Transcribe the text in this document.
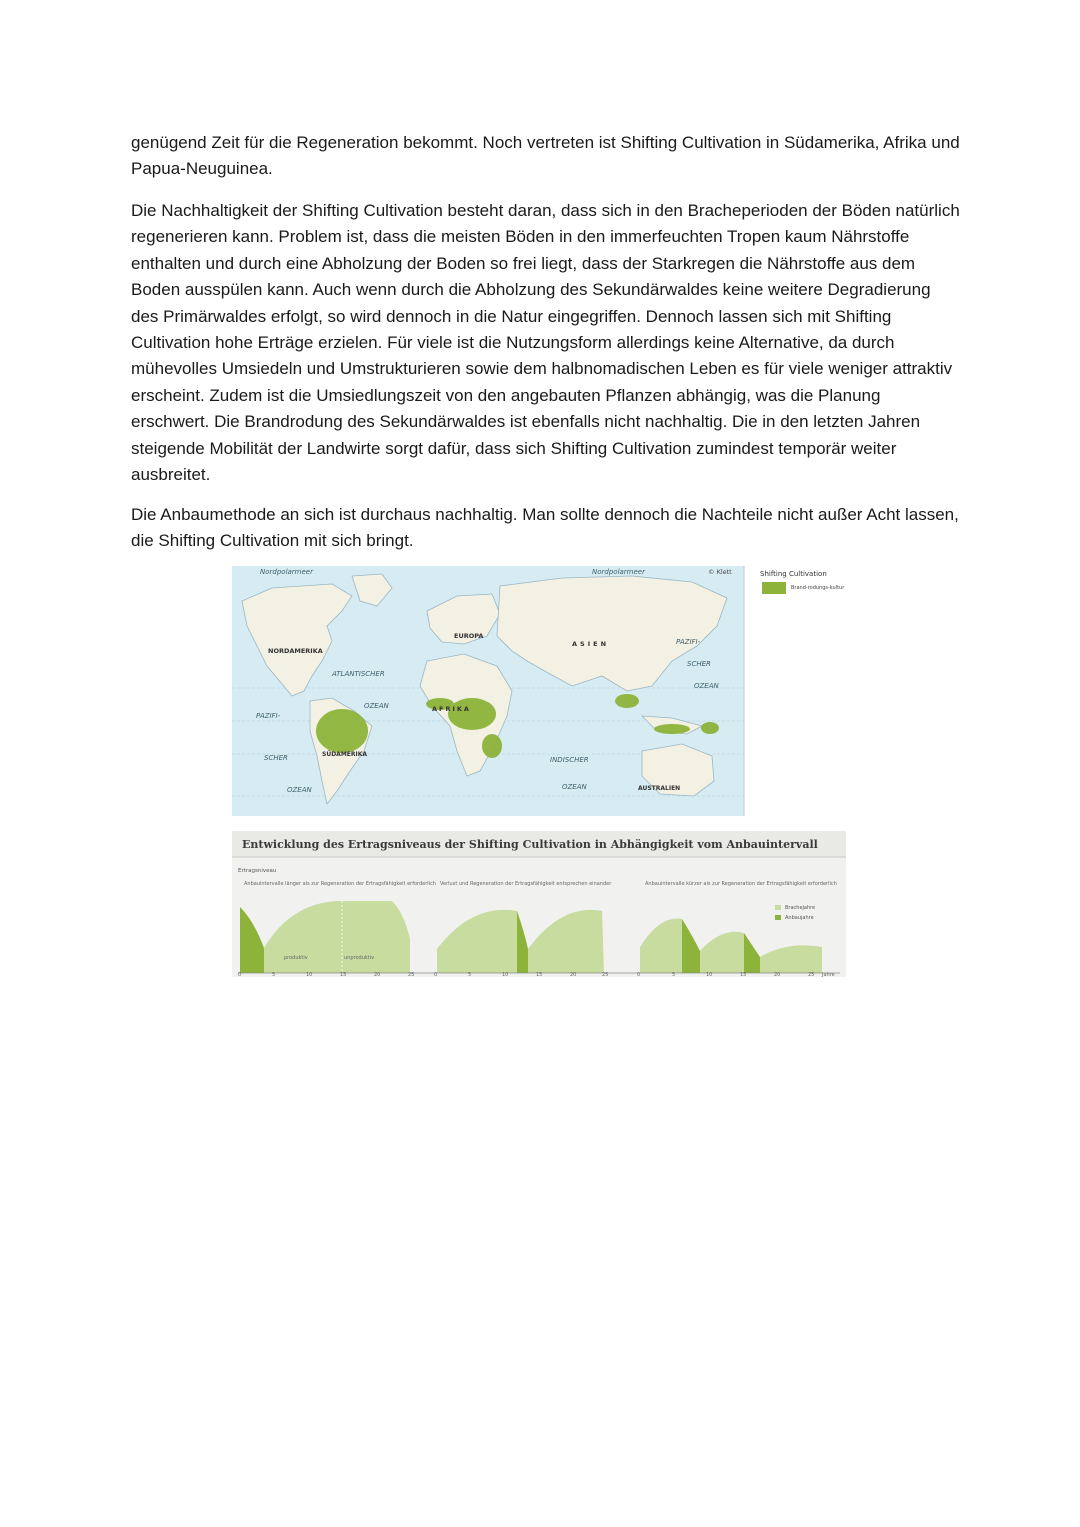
genügend Zeit für die Regeneration bekommt. Noch vertreten ist Shifting Cultivation in Südamerika, Afrika und Papua-Neuguinea.

Die Nachhaltigkeit der Shifting Cultivation besteht daran, dass sich in den Bracheperioden der Böden natürlich regenerieren kann. Problem ist, dass die meisten Böden in den immerfeuchten Tropen kaum Nährstoffe enthalten und durch eine Abholzung der Boden so frei liegt, dass der Starkregen die Nährstoffe aus dem Boden ausspülen kann. Auch wenn durch die Abholzung des Sekundärwaldes keine weitere Degradierung des Primärwaldes erfolgt, so wird dennoch in die Natur eingegriffen. Dennoch lassen sich mit Shifting Cultivation hohe Erträge erzielen. Für viele ist die Nutzungsform allerdings keine Alternative, da durch mühevolles Umsiedeln und Umstrukturieren sowie dem halbnomadischen Leben es für viele weniger attraktiv erscheint. Zudem ist die Umsiedlungszeit von den angebauten Pflanzen abhängig, was die Planung erschwert. Die Brandrodung des Sekundärwaldes ist ebenfalls nicht nachhaltig. Die in den letzten Jahren steigende Mobilität der Landwirte sorgt dafür, dass sich Shifting Cultivation zumindest temporär weiter ausbreitet.

Die Anbaumethode an sich ist durchaus nachhaltig. Man sollte dennoch die Nachteile nicht außer Acht lassen, die Shifting Cultivation mit sich bringt.

Nordpolarmeer	Nordpolarmeer	© Klett
NORDAMERIKA
EUROPA
ASIEN
ATLANTISCHER
OZEAN	AFRIKA
PAZIFI-
SCHER
OZEAN
SÜDAMERIKA
PAZIFI-
SCHER
OZEAN
INDISCHER
OZEAN	AUSTRALIEN
Shifting Cultivation
Brand-rodungs-kultur
Entwicklung des Ertragsniveaus der Shifting Cultivation in Abhängigkeit vom Anbauintervall
Ertragsniveau
Anbauintervalle länger als zur Regeneration der Ertragsfähigkeit erforderlich Verlust und Regeneration der Ertragsfähigkeit entsprechen einander	Anbauintervalle kürzer als zur Regeneration der Ertragsfähigkeit erforderlich
produktiv	unproduktiv
Brachejahre
Anbaujahre
0	5	10	15	20	25	0	5	10	15	20	25	0	5	10	15	20	25 Jahre
